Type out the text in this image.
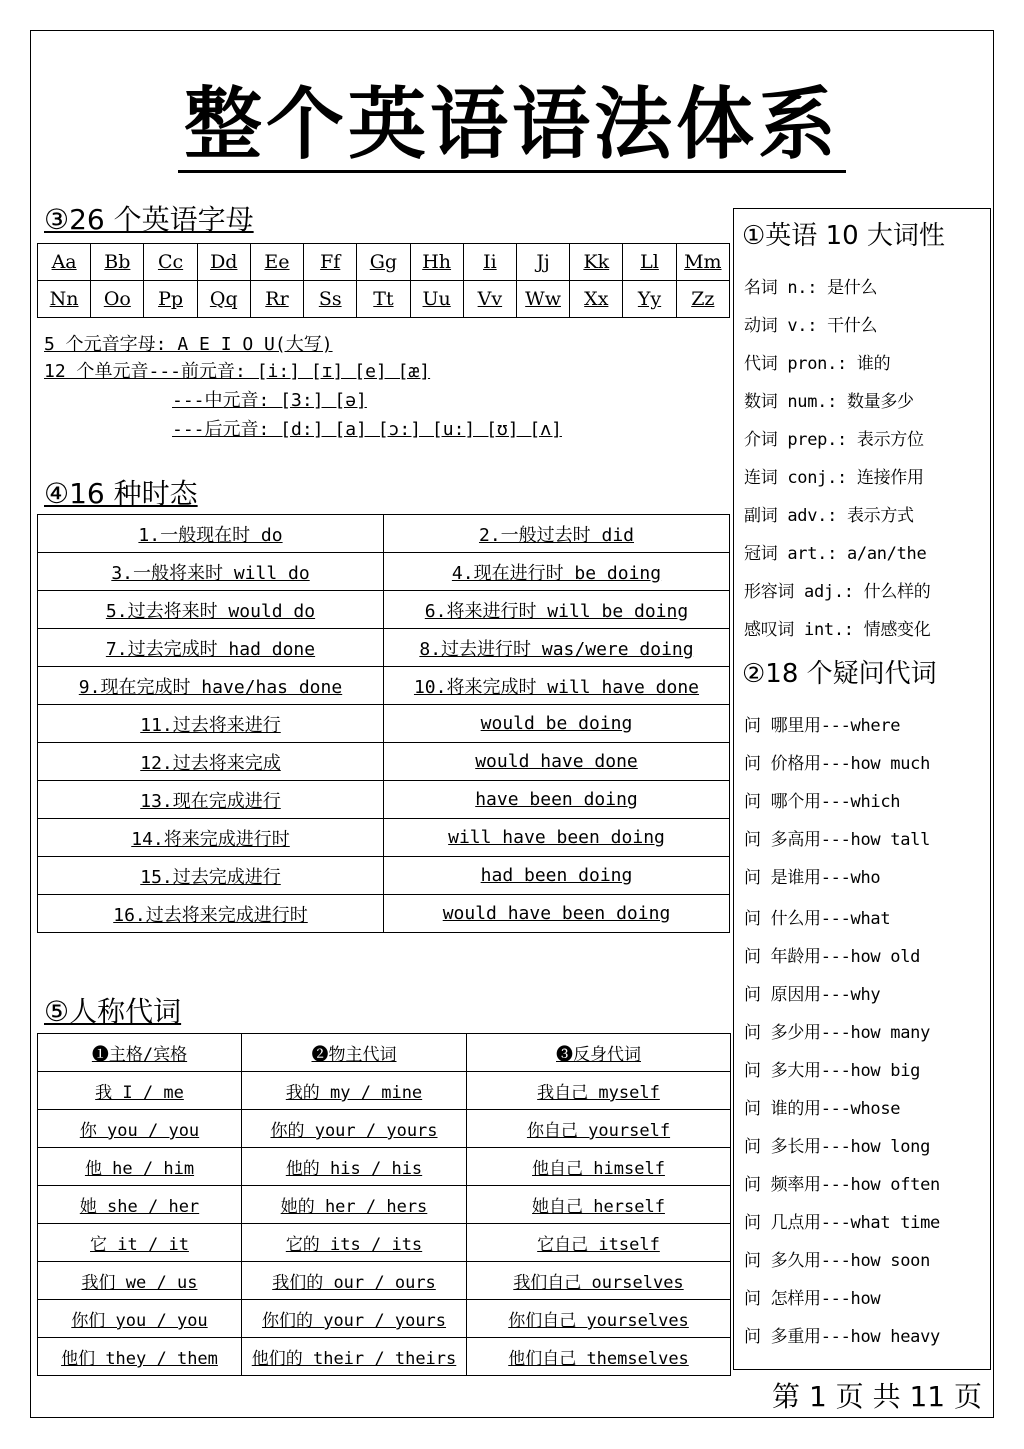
整个英语语法体系
③26 个英语字母
Aa	Bb	Cc	Dd	Ee	Ff	Gg	Hh	Ii	Jj	Kk	Ll	Mm
Nn	Oo	Pp	Qq	Rr	Ss	Tt	Uu	Vv	Ww	Xx	Yy	Zz
5 个元音字母: A E I O U(大写)
12 个单元音---前元音: [i:] [ɪ] [e] [æ]
---中元音: [3:] [ə]
---后元音: [d:] [a] [ɔ:] [u:] [ʊ] [ʌ]
④16 种时态
1.一般现在时 do	2.一般过去时 did
3.一般将来时 will do	4.现在进行时 be doing
5.过去将来时 would do	6.将来进行时 will be doing
7.过去完成时 had done	8.过去进行时 was/were doing
9.现在完成时 have/has done	10.将来完成时 will have done
11.过去将来进行	would be doing
12.过去将来完成	would have done
13.现在完成进行	have been doing
14.将来完成进行时	will have been doing
15.过去完成进行	had been doing
16.过去将来完成进行时	would have been doing
⑤人称代词
❶主格/宾格	❷物主代词	❸反身代词
我 I / me	我的 my / mine	我自己 myself
你 you / you	你的 your / yours	你自己 yourself
他 he / him	他的 his / his	他自己 himself
她 she / her	她的 her / hers	她自己 herself
它 it / it	它的 its / its	它自己 itself
我们 we / us	我们的 our / ours	我们自己 ourselves
你们 you / you	你们的 your / yours	你们自己 yourselves
他们 they / them	他们的 their / theirs	他们自己 themselves
①英语 10 大词性
名词 n.: 是什么
动词 v.: 干什么
代词 pron.: 谁的
数词 num.: 数量多少
介词 prep.: 表示方位
连词 conj.: 连接作用
副词 adv.: 表示方式
冠词 art.: a/an/the
形容词 adj.: 什么样的
感叹词 int.: 情感变化
②18 个疑问代词
问 哪里用---where
问 价格用---how much
问 哪个用---which
问 多高用---how tall
问 是谁用---who
问 什么用---what
问 年龄用---how old
问 原因用---why
问 多少用---how many
问 多大用---how big
问 谁的用---whose
问 多长用---how long
问 频率用---how often
问 几点用---what time
问 多久用---how soon
问 怎样用---how
问 多重用---how heavy
第 1 页 共 11 页
